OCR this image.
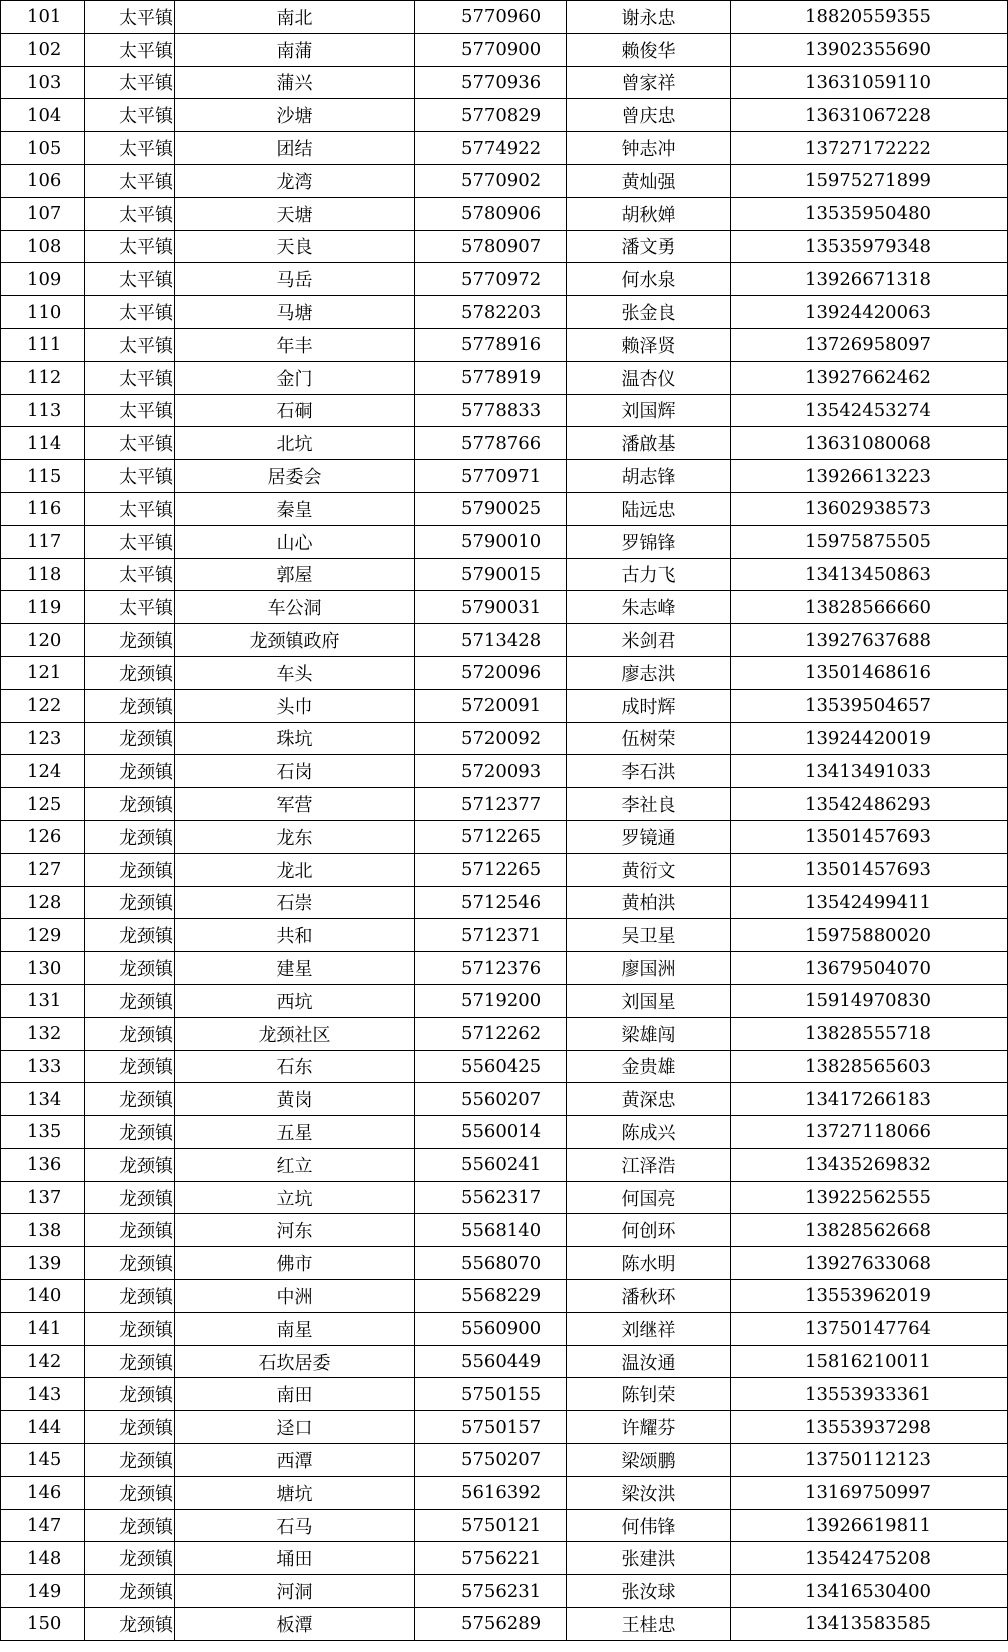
101	太平镇	南北	5770960	谢永忠	18820559355
102	太平镇	南蒲	5770900	赖俊华	13902355690
103	太平镇	蒲兴	5770936	曾家祥	13631059110
104	太平镇	沙塘	5770829	曾庆忠	13631067228
105	太平镇	团结	5774922	钟志冲	13727172222
106	太平镇	龙湾	5770902	黄灿强	15975271899
107	太平镇	天塘	5780906	胡秋婵	13535950480
108	太平镇	天良	5780907	潘文勇	13535979348
109	太平镇	马岳	5770972	何水泉	13926671318
110	太平镇	马塘	5782203	张金良	13924420063
111	太平镇	年丰	5778916	赖泽贤	13726958097
112	太平镇	金门	5778919	温杏仪	13927662462
113	太平镇	石硐	5778833	刘国辉	13542453274
114	太平镇	北坑	5778766	潘啟基	13631080068
115	太平镇	居委会	5770971	胡志锋	13926613223
116	太平镇	秦皇	5790025	陆远忠	13602938573
117	太平镇	山心	5790010	罗锦锋	15975875505
118	太平镇	郭屋	5790015	古力飞	13413450863
119	太平镇	车公洞	5790031	朱志峰	13828566660
120	龙颈镇	龙颈镇政府	5713428	米剑君	13927637688
121	龙颈镇	车头	5720096	廖志洪	13501468616
122	龙颈镇	头巾	5720091	成时辉	13539504657
123	龙颈镇	珠坑	5720092	伍树荣	13924420019
124	龙颈镇	石岗	5720093	李石洪	13413491033
125	龙颈镇	军营	5712377	李社良	13542486293
126	龙颈镇	龙东	5712265	罗镜通	13501457693
127	龙颈镇	龙北	5712265	黄衍文	13501457693
128	龙颈镇	石崇	5712546	黄柏洪	13542499411
129	龙颈镇	共和	5712371	吴卫星	15975880020
130	龙颈镇	建星	5712376	廖国洲	13679504070
131	龙颈镇	西坑	5719200	刘国星	15914970830
132	龙颈镇	龙颈社区	5712262	梁雄闯	13828555718
133	龙颈镇	石东	5560425	金贵雄	13828565603
134	龙颈镇	黄岗	5560207	黄深忠	13417266183
135	龙颈镇	五星	5560014	陈成兴	13727118066
136	龙颈镇	红立	5560241	江泽浩	13435269832
137	龙颈镇	立坑	5562317	何国亮	13922562555
138	龙颈镇	河东	5568140	何创环	13828562668
139	龙颈镇	佛市	5568070	陈水明	13927633068
140	龙颈镇	中洲	5568229	潘秋环	13553962019
141	龙颈镇	南星	5560900	刘继祥	13750147764
142	龙颈镇	石坎居委	5560449	温汝通	15816210011
143	龙颈镇	南田	5750155	陈钊荣	13553933361
144	龙颈镇	迳口	5750157	许耀芬	13553937298
145	龙颈镇	西潭	5750207	梁颂鹏	13750112123
146	龙颈镇	塘坑	5616392	梁汝洪	13169750997
147	龙颈镇	石马	5750121	何伟锋	13926619811
148	龙颈镇	埇田	5756221	张建洪	13542475208
149	龙颈镇	河洞	5756231	张汝球	13416530400
150	龙颈镇	板潭	5756289	王桂忠	13413583585
